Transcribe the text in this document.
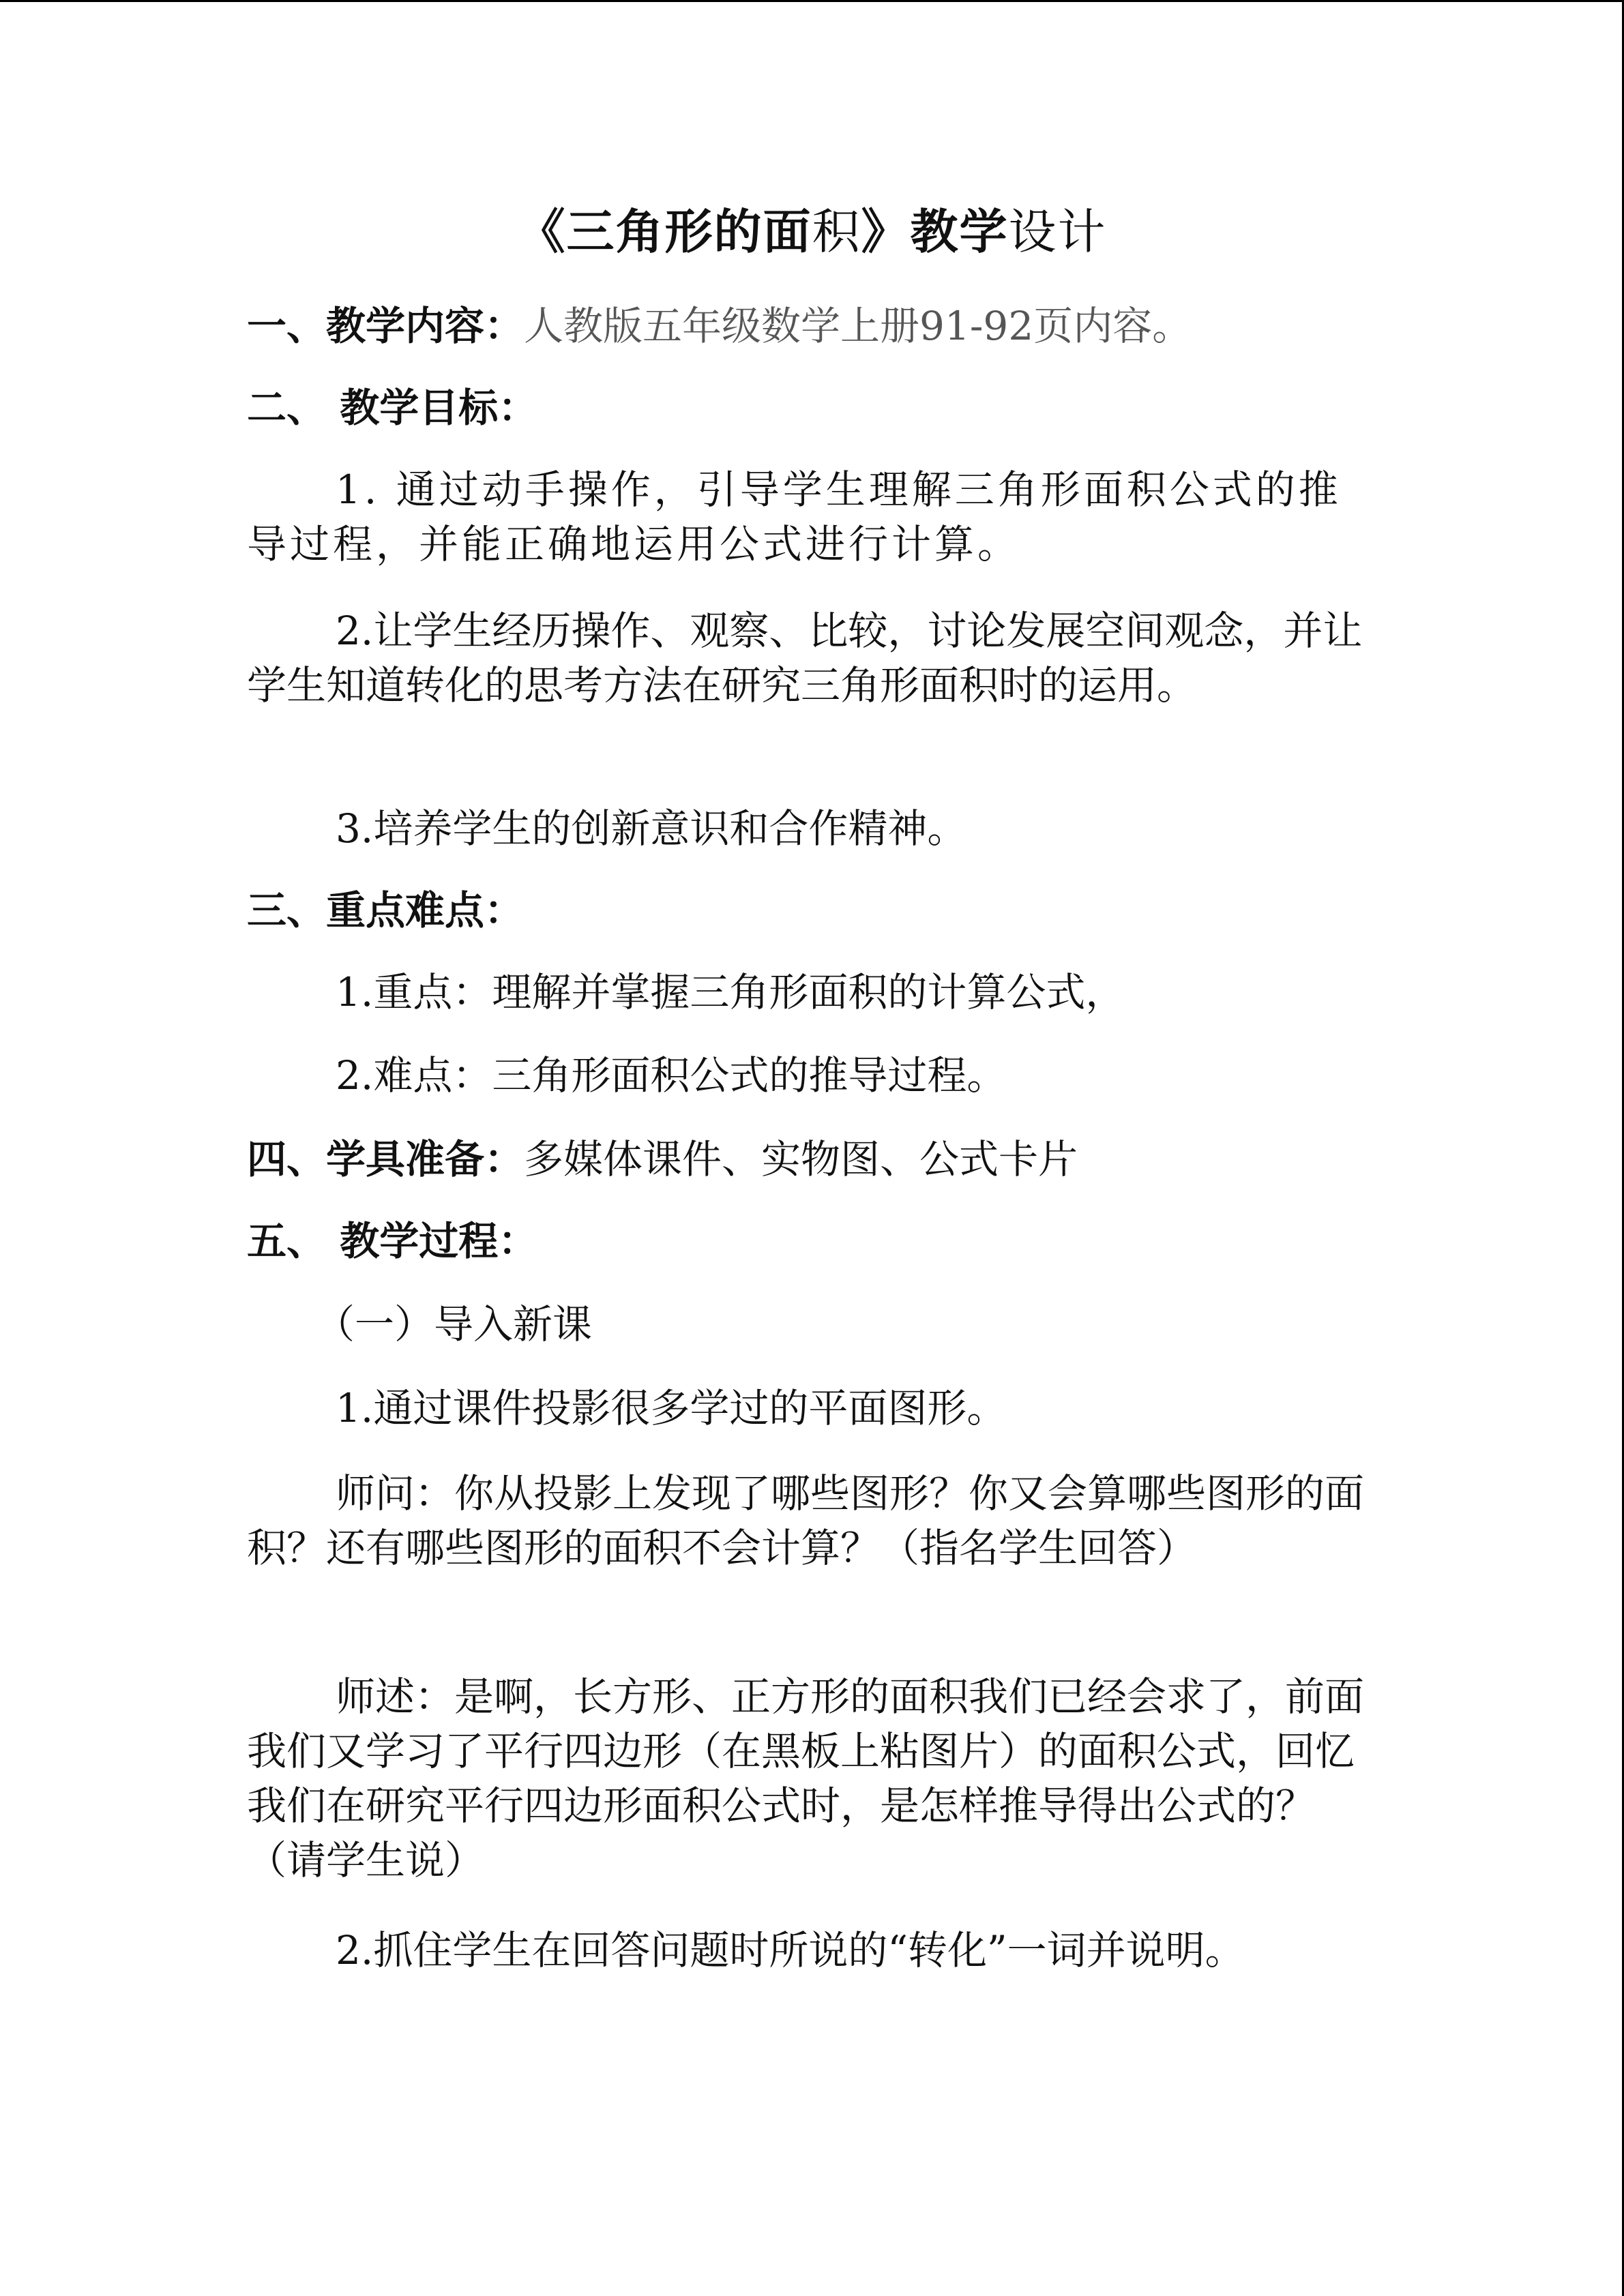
《三角形的面积》教学设计
一、教学内容：人教版五年级数学上册91-92页内容。
二、 教学目标：
1. 通过动手操作，引导学生理解三角形面积公式的推导过程，并能正确地运用公式进行计算。
2.让学生经历操作、观察、比较，讨论发展空间观念，并让学生知道转化的思考方法在研究三角形面积时的运用。
3.培养学生的创新意识和合作精神。
三、重点难点：
1.重点：理解并掌握三角形面积的计算公式，
2.难点：三角形面积公式的推导过程。
四、学具准备：多媒体课件、实物图、公式卡片
五、 教学过程：
（一）导入新课
1.通过课件投影很多学过的平面图形。
师问：你从投影上发现了哪些图形？你又会算哪些图形的面积？还有哪些图形的面积不会计算？（指名学生回答）
师述：是啊，长方形、正方形的面积我们已经会求了，前面我们又学习了平行四边形（在黑板上粘图片）的面积公式，回忆我们在研究平行四边形面积公式时，是怎样推导得出公式的？（请学生说）
2.抓住学生在回答问题时所说的“转化”一词并说明。
